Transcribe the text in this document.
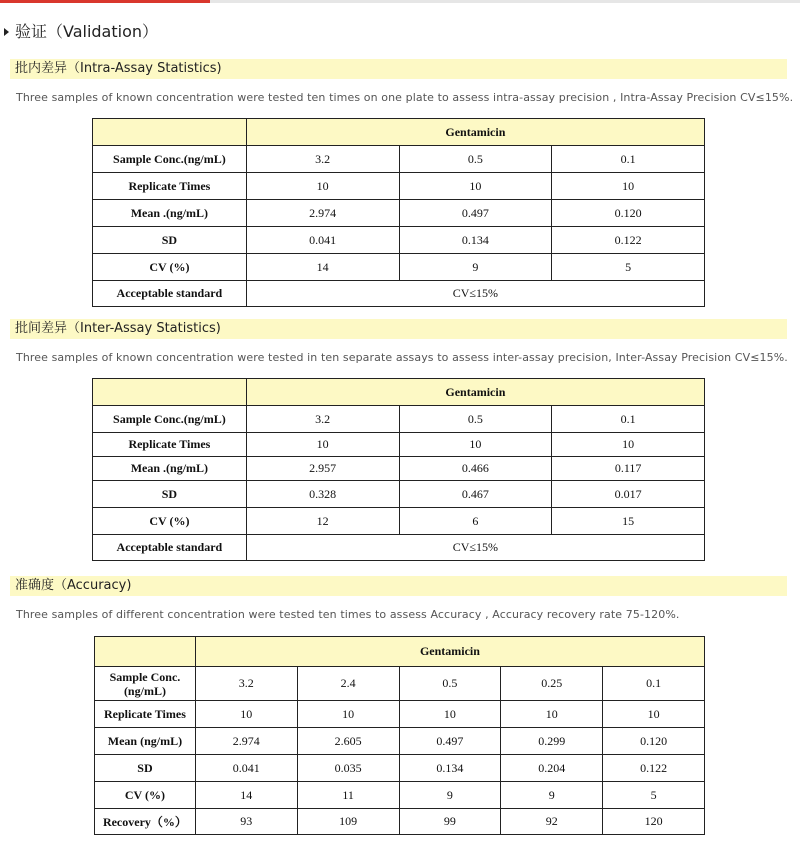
验证（Validation）
批内差异（Intra-Assay Statistics)
Three samples of known concentration were tested ten times on one plate to assess intra-assay precision , Intra-Assay Precision CV≤15%.
	Gentamicin		
Sample Conc.(ng/mL)	3.2	0.5	0.1
Replicate Times	10	10	10
Mean .(ng/mL)	2.974	0.497	0.120
SD	0.041	0.134	0.122
CV (%)	14	9	5
Acceptable standard	CV≤15%		
批间差异（Inter-Assay Statistics)
Three samples of known concentration were tested in ten separate assays to assess inter-assay precision, Inter-Assay Precision CV≤15%.
	Gentamicin		
Sample Conc.(ng/mL)	3.2	0.5	0.1
Replicate Times	10	10	10
Mean .(ng/mL)	2.957	0.466	0.117
SD	0.328	0.467	0.017
CV (%)	12	6	15
Acceptable standard	CV≤15%		
准确度（Accuracy)
Three samples of different concentration were tested ten times to assess Accuracy , Accuracy recovery rate 75-120%.
	Gentamicin				
Sample Conc.(ng/mL)	3.2	2.4	0.5	0.25	0.1
Replicate Times	10	10	10	10	10
Mean (ng/mL)	2.974	2.605	0.497	0.299	0.120
SD	0.041	0.035	0.134	0.204	0.122
CV (%)	14	11	9	9	5
Recovery（%）	93	109	99	92	120
